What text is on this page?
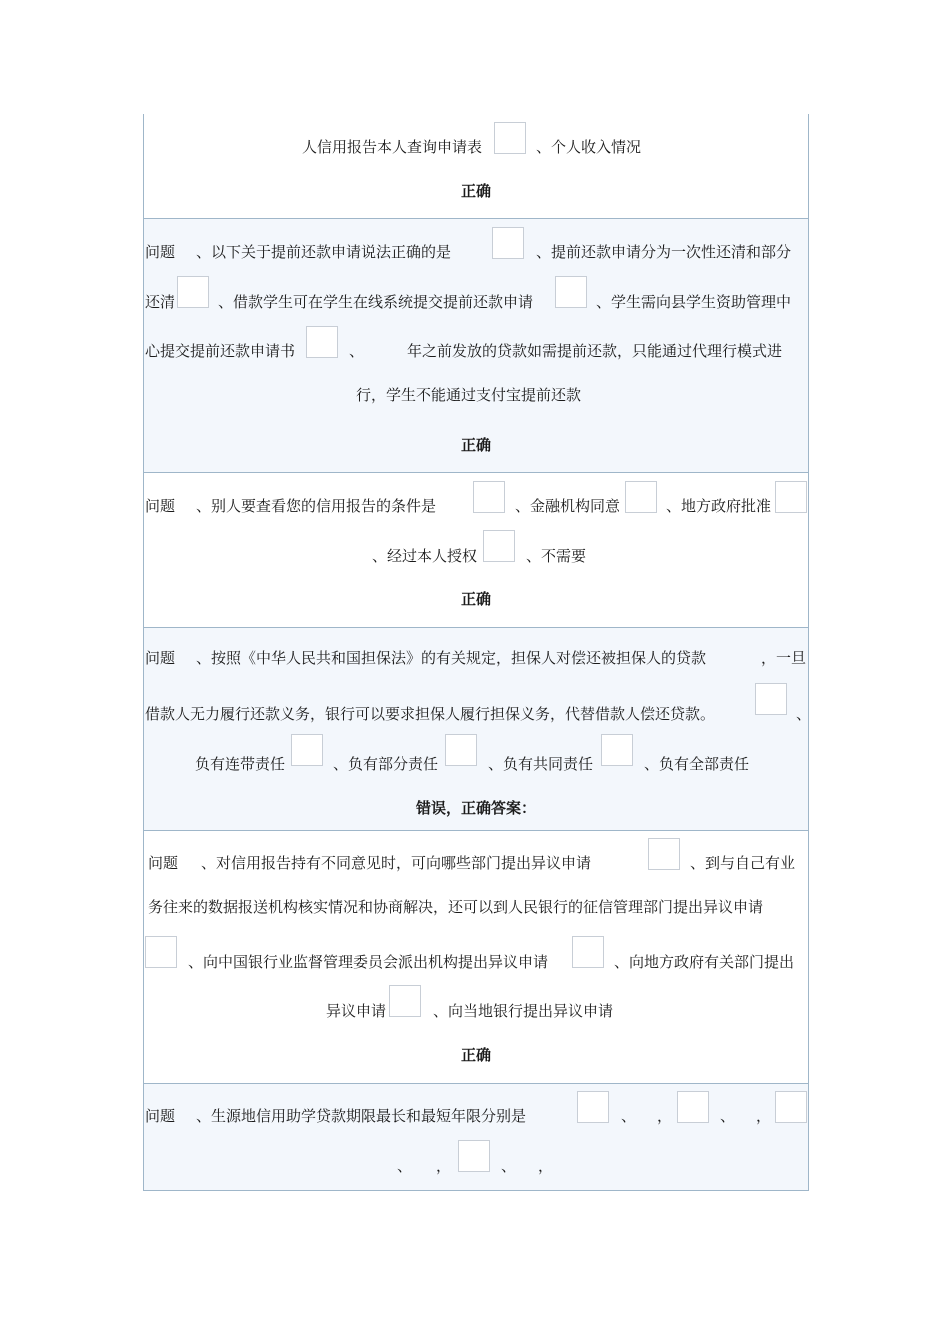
人信用报告本人查询申请表	、个人收入情况
正确
问题 、以下关于提前还款申请说法正确的是	、提前还款申请分为一次性还清和部分
还清	、借款学生可在学生在线系统提交提前还款申请	、学生需向县学生资助管理中
心提交提前还款申请书	、	年之前发放的贷款如需提前还款，只能通过代理行模式进
行，学生不能通过支付宝提前还款
正确
问题 、别人要查看您的信用报告的条件是	、金融机构同意	、地方政府批准
、经过本人授权	、不需要
正确
问题 、按照《中华人民共和国担保法》的有关规定，担保人对偿还被担保人的贷款	，一旦
借款人无力履行还款义务，银行可以要求担保人履行担保义务，代替借款人偿还贷款。	、
负有连带责任	、负有部分责任	、负有共同责任	、负有全部责任
错误，正确答案：
问题 、对信用报告持有不同意见时，可向哪些部门提出异议申请	、到与自己有业
务往来的数据报送机构核实情况和协商解决，还可以到人民银行的征信管理部门提出异议申请
、向中国银行业监督管理委员会派出机构提出异议申请	、向地方政府有关部门提出
异议申请	、向当地银行提出异议申请
正确
问题 、生源地信用助学贷款期限最长和最短年限分别是	、 ，	、 ，
、 ，	、 ，
